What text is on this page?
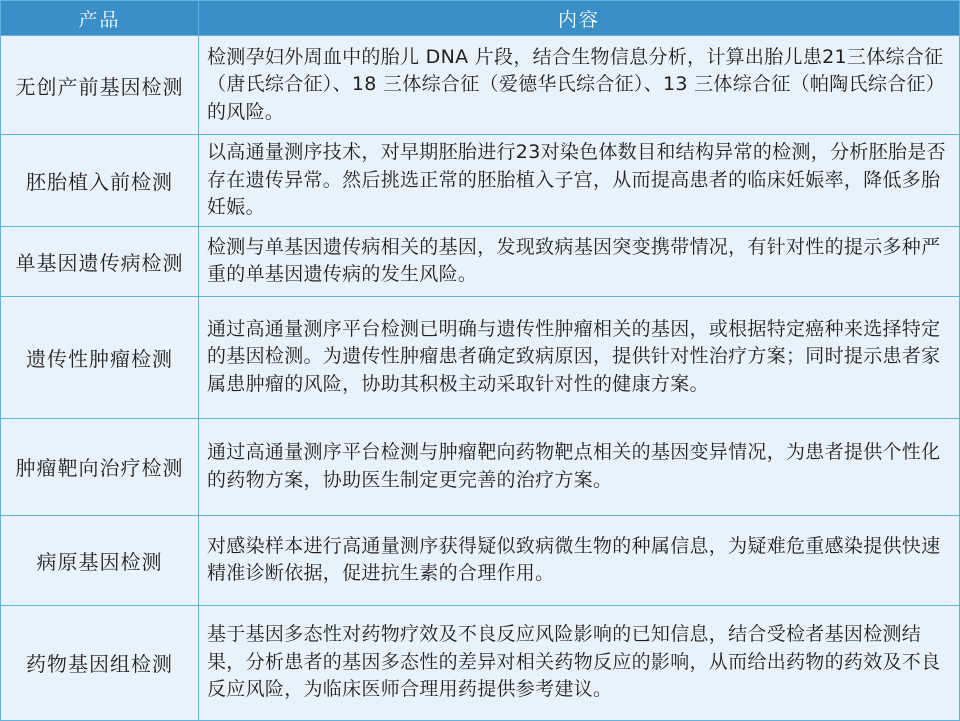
产品	内容
无创产前基因检测	检测孕妇外周血中的胎儿 DNA 片段，结合生物信息分析，计算出胎儿患21三体综合征（唐氏综合征）、18 三体综合征（爱德华氏综合征）、13 三体综合征（帕陶氏综合征）的风险。
胚胎植入前检测	以高通量测序技术，对早期胚胎进行23对染色体数目和结构异常的检测，分析胚胎是否存在遗传异常。然后挑选正常的胚胎植入子宫，从而提高患者的临床妊娠率，降低多胎妊娠。
单基因遗传病检测	检测与单基因遗传病相关的基因，发现致病基因突变携带情况，有针对性的提示多种严重的单基因遗传病的发生风险。
遗传性肿瘤检测	通过高通量测序平台检测已明确与遗传性肿瘤相关的基因，或根据特定癌种来选择特定的基因检测。为遗传性肿瘤患者确定致病原因，提供针对性治疗方案；同时提示患者家属患肿瘤的风险，协助其积极主动采取针对性的健康方案。
肿瘤靶向治疗检测	通过高通量测序平台检测与肿瘤靶向药物靶点相关的基因变异情况，为患者提供个性化的药物方案，协助医生制定更完善的治疗方案。
病原基因检测	对感染样本进行高通量测序获得疑似致病微生物的种属信息，为疑难危重感染提供快速精准诊断依据，促进抗生素的合理作用。
药物基因组检测	基于基因多态性对药物疗效及不良反应风险影响的已知信息，结合受检者基因检测结果，分析患者的基因多态性的差异对相关药物反应的影响，从而给出药物的药效及不良反应风险，为临床医师合理用药提供参考建议。
